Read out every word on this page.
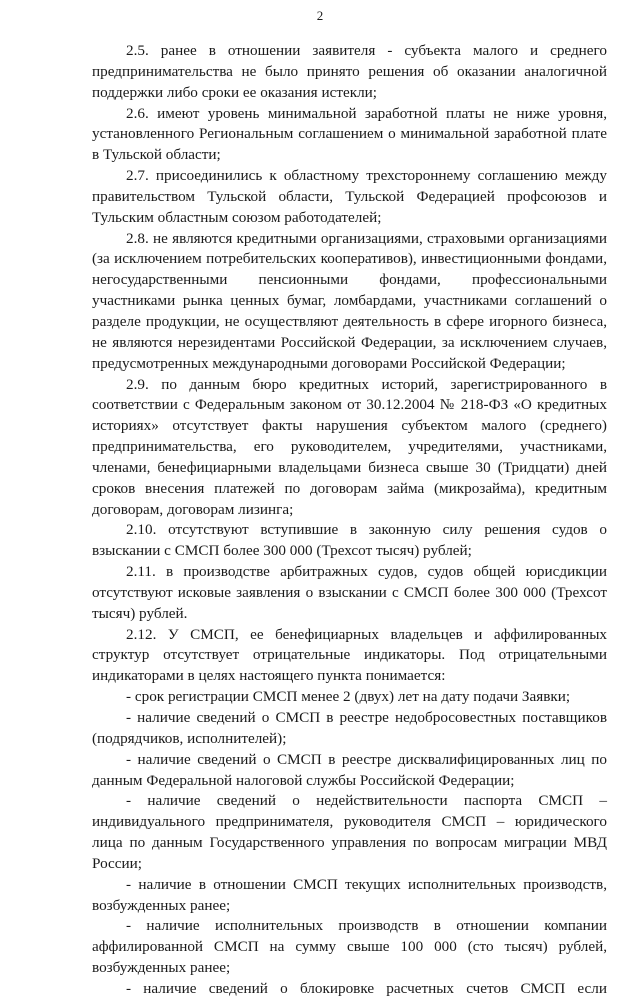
2

2.5. ранее в отношении заявителя - субъекта малого и среднего предпринимательства не было принято решения об оказании аналогичной поддержки либо сроки ее оказания истекли;

2.6. имеют уровень минимальной заработной платы не ниже уровня, установленного Региональным соглашением о минимальной заработной плате в Тульской области;

2.7. присоединились к областному трехстороннему соглашению между правительством Тульской области, Тульской Федерацией профсоюзов и Тульским областным союзом работодателей;

2.8. не являются кредитными организациями, страховыми организациями (за исключением потребительских кооперативов), инвестиционными фондами, негосударственными пенсионными фондами, профессиональными участниками рынка ценных бумаг, ломбардами, участниками соглашений о разделе продукции, не осуществляют деятельность в сфере игорного бизнеса, не являются нерезидентами Российской Федерации, за исключением случаев, предусмотренных международными договорами Российской Федерации;

2.9. по данным бюро кредитных историй, зарегистрированного в соответствии с Федеральным законом от 30.12.2004 № 218-ФЗ «О кредитных историях» отсутствует факты нарушения субъектом малого (среднего) предпринимательства, его руководителем, учредителями, участниками, членами, бенефициарными владельцами бизнеса свыше 30 (Тридцати) дней сроков внесения платежей по договорам займа (микрозайма), кредитным договорам, договорам лизинга;

2.10. отсутствуют вступившие в законную силу решения судов о взыскании с СМСП более 300 000 (Трехсот тысяч) рублей;

2.11. в производстве арбитражных судов, судов общей юрисдикции отсутствуют исковые заявления о взыскании с СМСП более 300 000 (Трехсот тысяч) рублей.

2.12. У СМСП, ее бенефициарных владельцев и аффилированных структур отсутствует отрицательные индикаторы. Под отрицательными индикаторами в целях настоящего пункта понимается:

- срок регистрации СМСП менее 2 (двух) лет на дату подачи Заявки;

- наличие сведений о СМСП в реестре недобросовестных поставщиков (подрядчиков, исполнителей);

- наличие сведений о СМСП в реестре дисквалифицированных лиц по данным Федеральной налоговой службы Российской Федерации;

- наличие сведений о недействительности паспорта СМСП – индивидуального предпринимателя, руководителя СМСП – юридического лица по данным Государственного управления по вопросам миграции МВД России;

- наличие в отношении СМСП текущих исполнительных производств, возбужденных ранее;

- наличие исполнительных производств в отношении компании аффилированной СМСП на сумму свыше 100 000 (сто тысяч) рублей, возбужденных ранее;

- наличие сведений о блокировке расчетных счетов СМСП если
